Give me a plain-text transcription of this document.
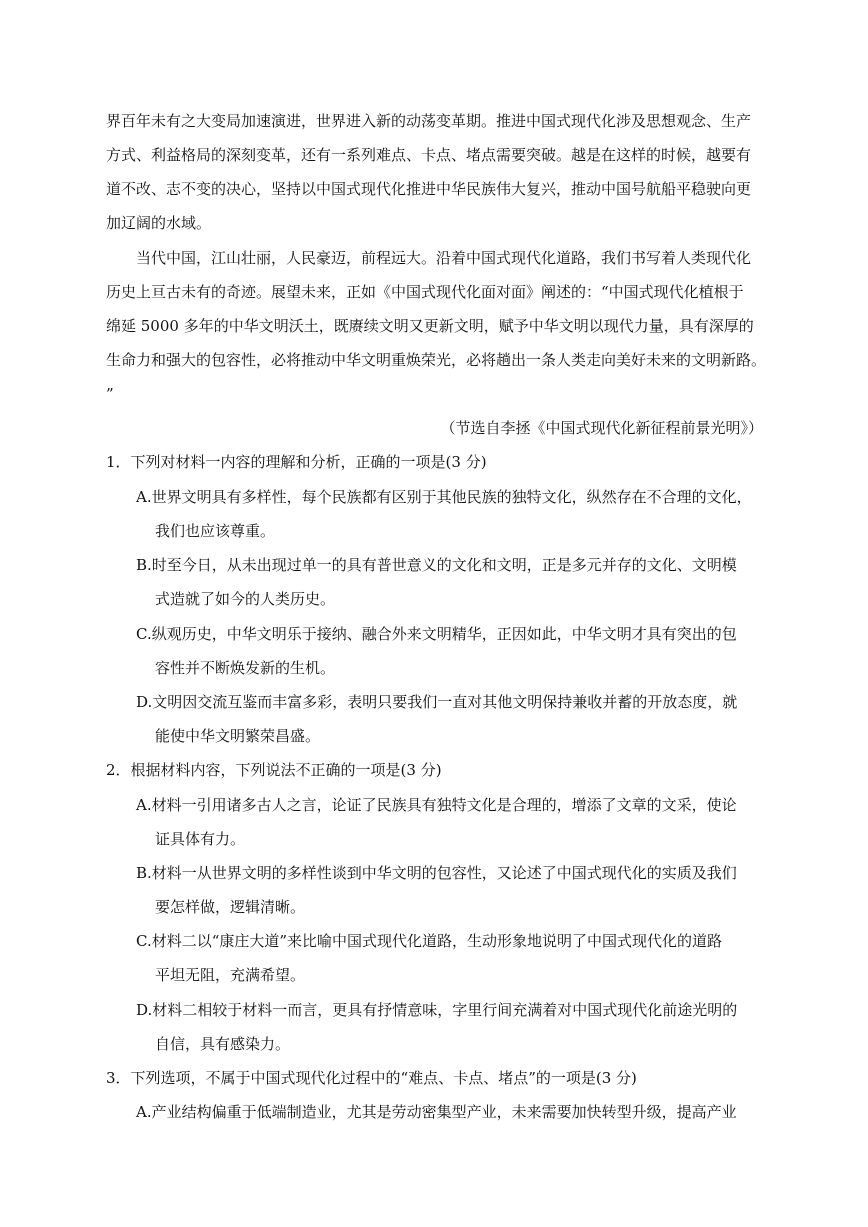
界百年未有之大变局加速演进，世界进入新的动荡变革期。推进中国式现代化涉及思想观念、生产
方式、利益格局的深刻变革，还有一系列难点、卡点、堵点需要突破。越是在这样的时候，越要有
道不改、志不变的决心，坚持以中国式现代化推进中华民族伟大复兴，推动中国号航船平稳驶向更
加辽阔的水域。
当代中国，江山壮丽，人民豪迈，前程远大。沿着中国式现代化道路，我们书写着人类现代化
历史上亘古未有的奇迹。展望未来，正如《中国式现代化面对面》阐述的：“中国式现代化植根于
绵延 5000 多年的中华文明沃土，既赓续文明又更新文明，赋予中华文明以现代力量，具有深厚的
生命力和强大的包容性，必将推动中华文明重焕荣光，必将趟出一条人类走向美好未来的文明新路。
”
（节选自李拯《中国式现代化新征程前景光明》）
1．下列对材料一内容的理解和分析，正确的一项是(3 分)
A.世界文明具有多样性，每个民族都有区别于其他民族的独特文化，纵然存在不合理的文化，
我们也应该尊重。
B.时至今日，从未出现过单一的具有普世意义的文化和文明，正是多元并存的文化、文明模
式造就了如今的人类历史。
C.纵观历史，中华文明乐于接纳、融合外来文明精华，正因如此，中华文明才具有突出的包
容性并不断焕发新的生机。
D.文明因交流互鉴而丰富多彩，表明只要我们一直对其他文明保持兼收并蓄的开放态度，就
能使中华文明繁荣昌盛。
2．根据材料内容，下列说法不正确的一项是(3 分)
A.材料一引用诸多古人之言，论证了民族具有独特文化是合理的，增添了文章的文采，使论
证具体有力。
B.材料一从世界文明的多样性谈到中华文明的包容性，又论述了中国式现代化的实质及我们
要怎样做，逻辑清晰。
C.材料二以“康庄大道”来比喻中国式现代化道路，生动形象地说明了中国式现代化的道路
平坦无阻，充满希望。
D.材料二相较于材料一而言，更具有抒情意味，字里行间充满着对中国式现代化前途光明的
自信，具有感染力。
3．下列选项，不属于中国式现代化过程中的“难点、卡点、堵点”的一项是(3 分)
A.产业结构偏重于低端制造业，尤其是劳动密集型产业，未来需要加快转型升级，提高产业
